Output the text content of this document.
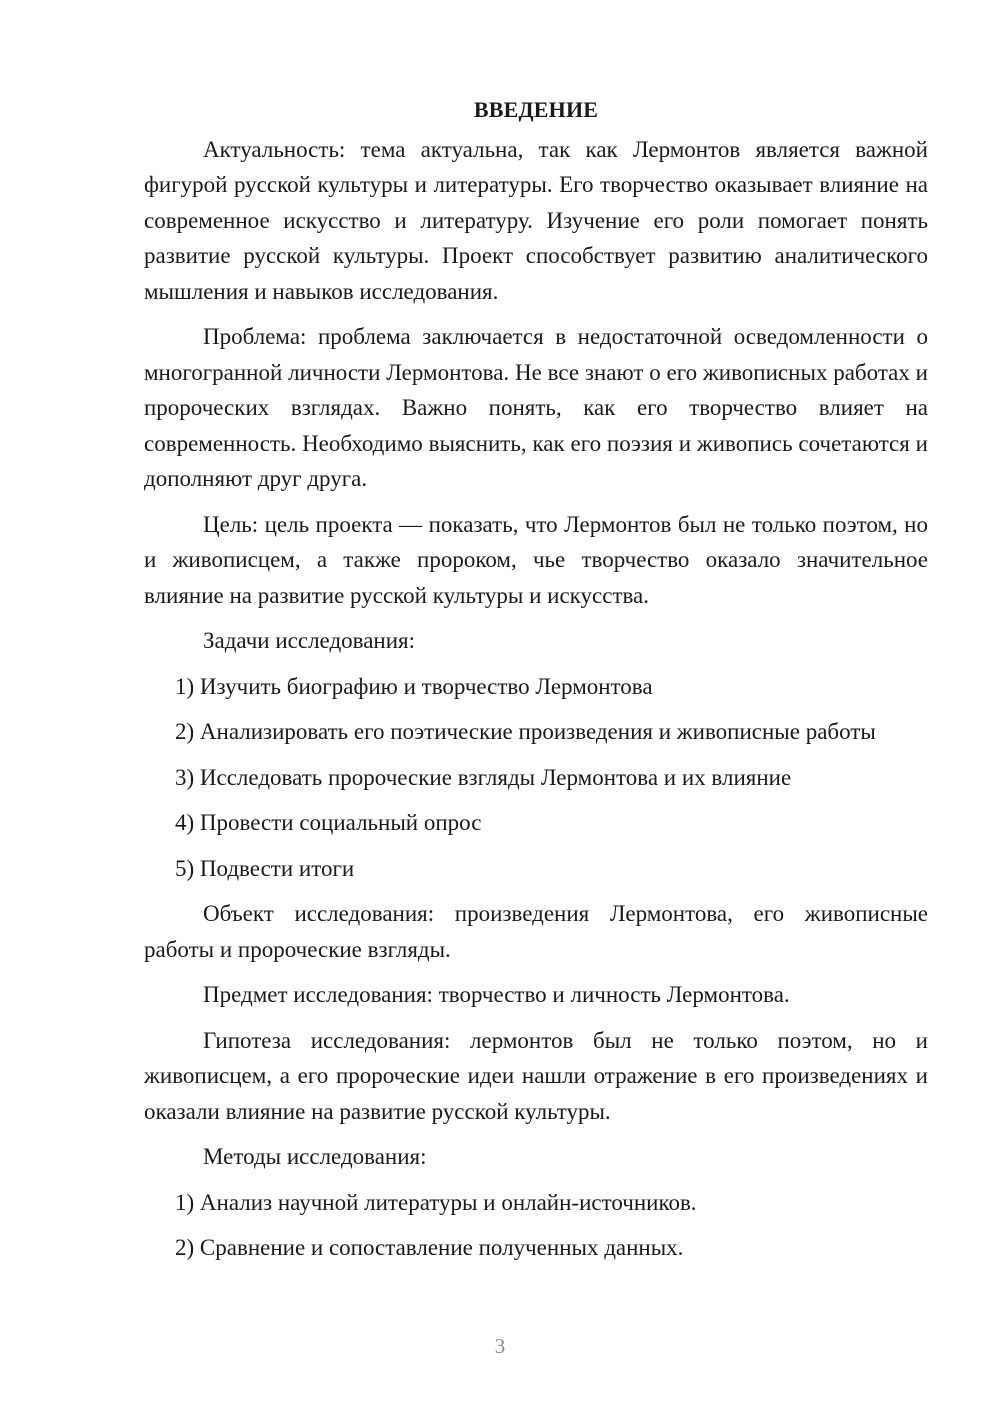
ВВЕДЕНИЕ
Актуальность: тема актуальна, так как Лермонтов является важной фигурой русской культуры и литературы. Его творчество оказывает влияние на современное искусство и литературу. Изучение его роли помогает понять развитие русской культуры. Проект способствует развитию аналитического мышления и навыков исследования.
Проблема: проблема заключается в недостаточной осведомленности о многогранной личности Лермонтова. Не все знают о его живописных работах и пророческих взглядах. Важно понять, как его творчество влияет на современность. Необходимо выяснить, как его поэзия и живопись сочетаются и дополняют друг друга.
Цель: цель проекта — показать, что Лермонтов был не только поэтом, но и живописцем, а также пророком, чье творчество оказало значительное влияние на развитие русской культуры и искусства.
Задачи исследования:
1) Изучить биографию и творчество Лермонтова
2) Анализировать его поэтические произведения и живописные работы
3) Исследовать пророческие взгляды Лермонтова и их влияние
4) Провести социальный опрос
5) Подвести итоги
Объект исследования: произведения Лермонтова, его живописные работы и пророческие взгляды.
Предмет исследования: творчество и личность Лермонтова.
Гипотеза исследования: лермонтов был не только поэтом, но и живописцем, а его пророческие идеи нашли отражение в его произведениях и оказали влияние на развитие русской культуры.
Методы исследования:
1) Анализ научной литературы и онлайн-источников.
2) Сравнение и сопоставление полученных данных.
3
